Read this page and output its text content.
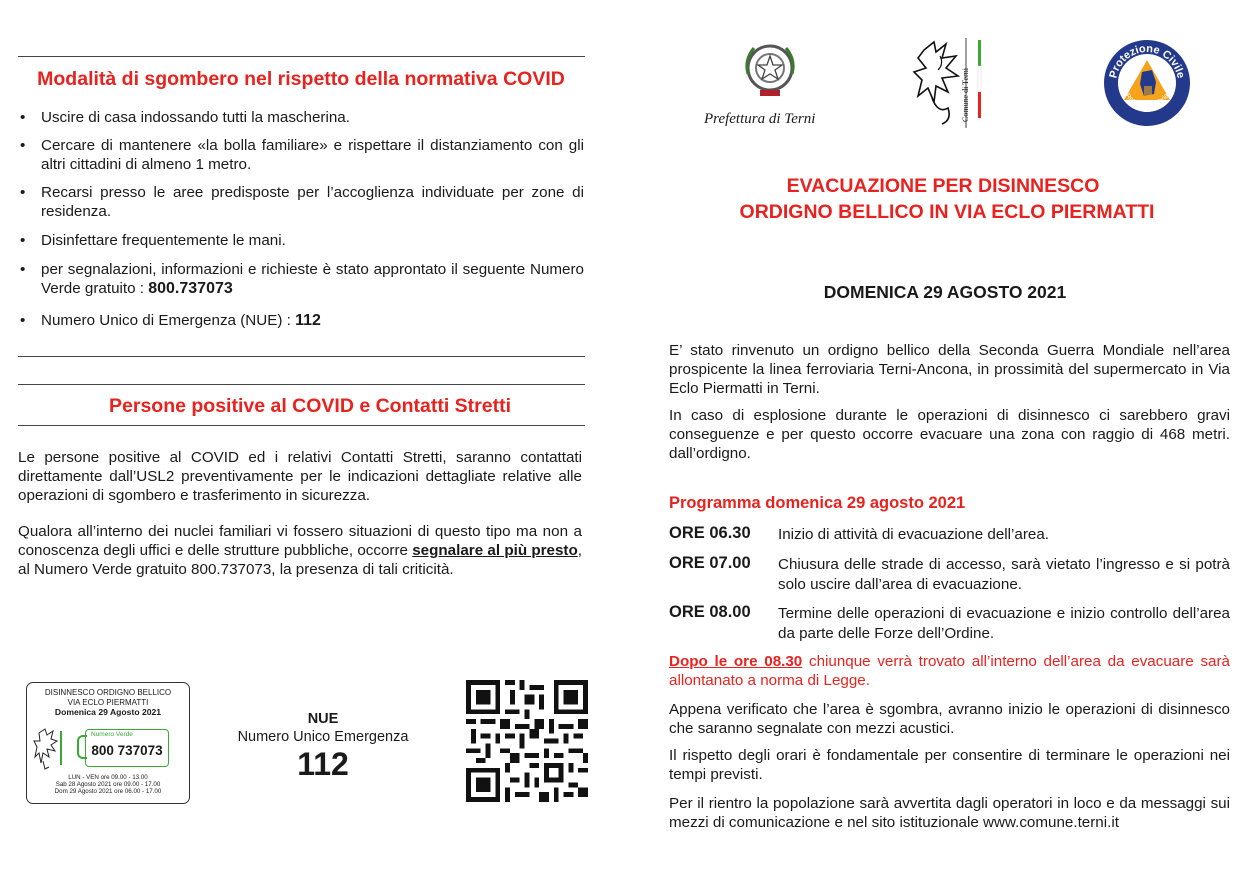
Modalità di sgombero nel rispetto della normativa COVID
• Uscire di casa indossando tutti la mascherina.
• Cercare di mantenere «la bolla familiare» e rispettare il distanziamento con gli altri cittadini di almeno 1 metro.
• Recarsi presso le aree predisposte per l’accoglienza individuate per zone di residenza.
• Disinfettare frequentemente le mani.
• per segnalazioni, informazioni e richieste è stato approntato il seguente Numero Verde gratuito : 800.737073
• Numero Unico di Emergenza (NUE) : 112
Persone positive al COVID e Contatti Stretti
Le persone positive al COVID ed i relativi Contatti Stretti, saranno contattati direttamente dall’USL2 preventivamente per le indicazioni dettagliate relative alle operazioni di sgombero e trasferimento in sicurezza.
Qualora all’interno dei nuclei familiari vi fossero situazioni di questo tipo ma non a conoscenza degli uffici e delle strutture pubbliche, occorre segnalare al più presto, al Numero Verde gratuito 800.737073, la presenza di tali criticità.
DISINNESCO ORDIGNO BELLICO
VIA ECLO PIERMATTI
Domenica 29 Agosto 2021
Numero Verde
800 737073
LUN - VEN ore 09.00 - 13.00
Sab 28 Agosto 2021 ore 09.00 - 17.00
Dom 29 Agosto 2021 ore 06.00 - 17.00
NUE
Numero Unico Emergenza
112
Prefettura di Terni	Comune di Terni	Protezione Civile
Regione Umbria
EVACUAZIONE PER DISINNESCO
ORDIGNO BELLICO IN VIA ECLO PIERMATTI
DOMENICA 29 AGOSTO 2021
E’ stato rinvenuto un ordigno bellico della Seconda Guerra Mondiale nell’area prospicente la linea ferroviaria Terni-Ancona, in prossimità del supermercato in Via Eclo Piermatti in Terni.
In caso di esplosione durante le operazioni di disinnesco ci sarebbero gravi conseguenze e per questo occorre evacuare una zona con raggio di 468 metri. dall’ordigno.
Programma domenica 29 agosto 2021
ORE 06.30 Inizio di attività di evacuazione dell’area.
ORE 07.00 Chiusura delle strade di accesso, sarà vietato l’ingresso e si potrà solo uscire dall’area di evacuazione.
ORE 08.00 Termine delle operazioni di evacuazione e inizio controllo dell’area da parte delle Forze dell’Ordine.
Dopo le ore 08.30 chiunque verrà trovato all’interno dell’area da evacuare sarà allontanato a norma di Legge.
Appena verificato che l’area è sgombra, avranno inizio le operazioni di disinnesco che saranno segnalate con mezzi acustici.
Il rispetto degli orari è fondamentale per consentire di terminare le operazioni nei tempi previsti.
Per il rientro la popolazione sarà avvertita dagli operatori in loco e da messaggi sui mezzi di comunicazione e nel sito istituzionale www.comune.terni.it
